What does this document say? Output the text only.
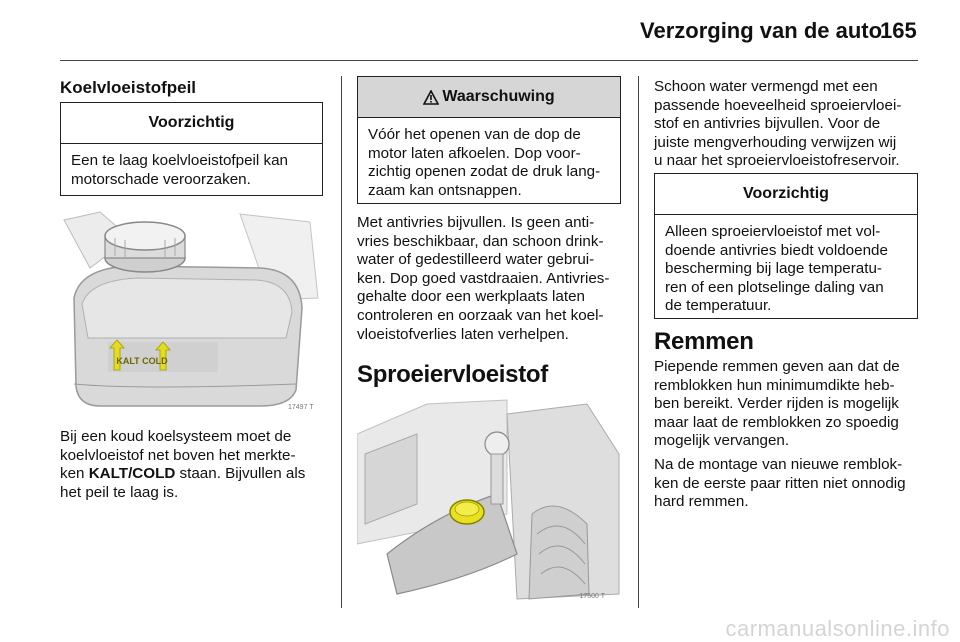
Verzorging van de auto
165
Koelvloeistofpeil
Voorzichtig
Een te laag koelvloeistofpeil kan
motorschade veroorzaken.
KALT COLD
17497 T
Bij een koud koelsysteem moet de
koelvloeistof net boven het merkte-
ken KALT/COLD staan. Bijvullen als
het peil te laag is.
Waarschuwing
Vóór het openen van de dop de
motor laten afkoelen. Dop voor-
zichtig openen zodat de druk lang-
zaam kan ontsnappen.
Met antivries bijvullen. Is geen anti-
vries beschikbaar, dan schoon drink-
water of gedestilleerd water gebrui-
ken. Dop goed vastdraaien. Antivries-
gehalte door een werkplaats laten
controleren en oorzaak van het koel-
vloeistofverlies laten verhelpen.
Sproeiervloeistof
17500 T
Schoon water vermengd met een
passende hoeveelheid sproeiervloei-
stof en antivries bijvullen. Voor de
juiste mengverhouding verwijzen wij
u naar het sproeiervloeistofreservoir.
Voorzichtig
Alleen sproeiervloeistof met vol-
doende antivries biedt voldoende
bescherming bij lage temperatu-
ren of een plotselinge daling van
de temperatuur.
Remmen
Piepende remmen geven aan dat de
remblokken hun minimumdikte heb-
ben bereikt. Verder rijden is mogelijk
maar laat de remblokken zo spoedig
mogelijk vervangen.
Na de montage van nieuwe remblok-
ken de eerste paar ritten niet onnodig
hard remmen.
carmanualsonline.info
